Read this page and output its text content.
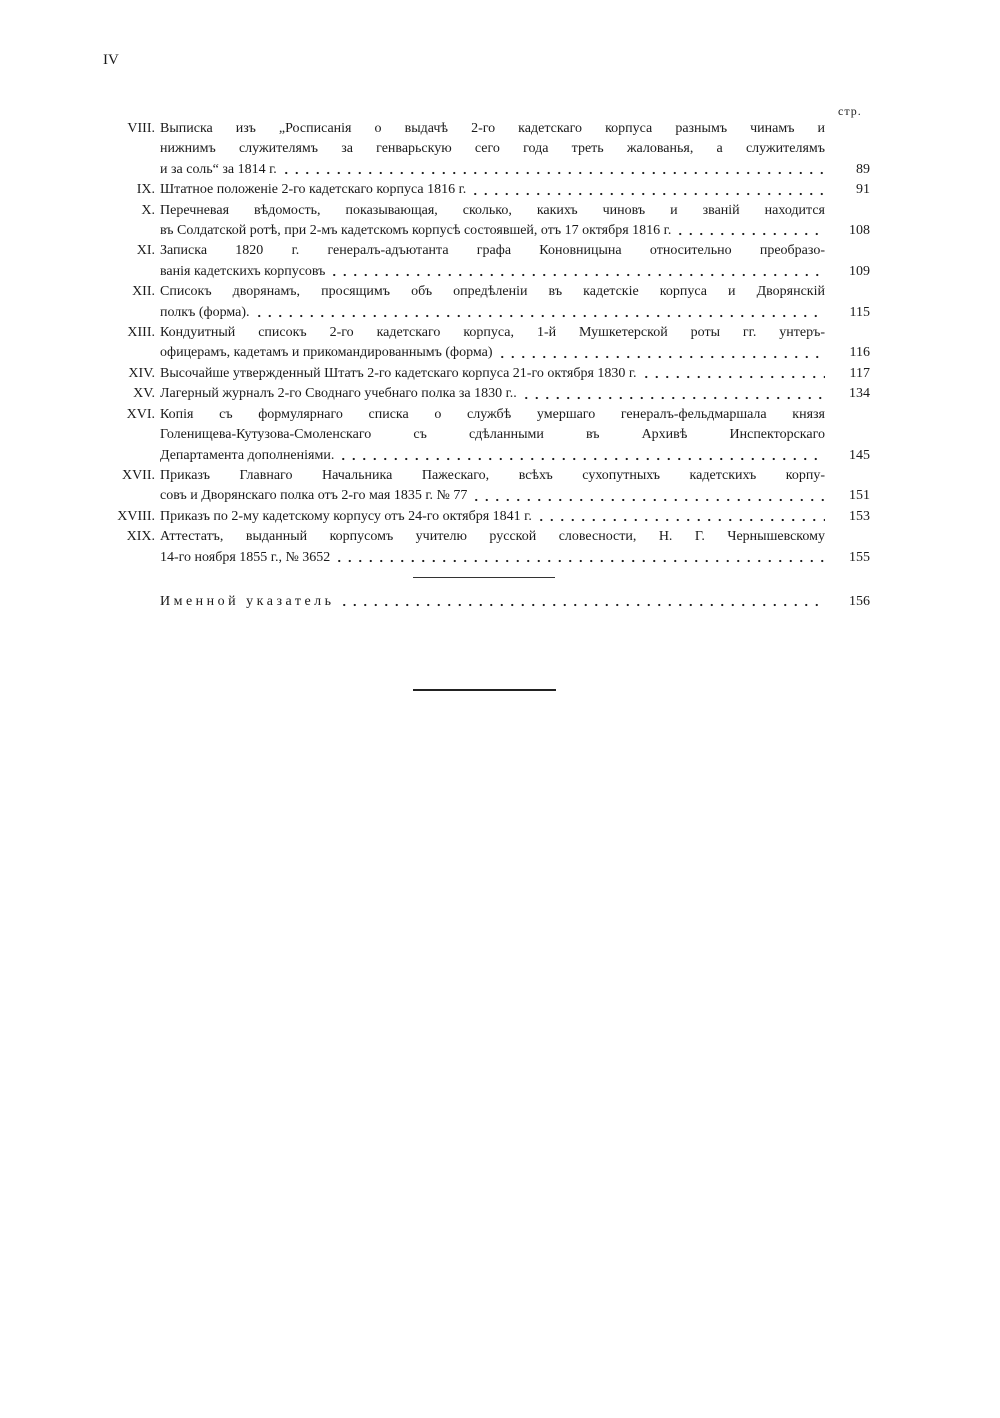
IV
стр.
VIII. Выписка изъ „Росписанія о выдачѣ 2-го кадетскаго корпуса разнымъ чинамъ и
нижнимъ служителямъ за генварьскую сего года треть жалованья, а служителямъ
и за соль“ за 1814 г.	89
IX. Штатное положеніе 2-го кадетскаго корпуса 1816 г.	91
X. Перечневая вѣдомость, показывающая, сколько, какихъ чиновъ и званій находится
въ Солдатской ротѣ, при 2-мъ кадетскомъ корпусѣ состоявшей, отъ 17 октября 1816 г.	108
XI. Записка 1820 г. генералъ-адъютанта графа Коновницына относительно преобразо-
ванія кадетскихъ корпусовъ	109
XII. Списокъ дворянамъ, просящимъ объ опредѣленіи въ кадетскіе корпуса и Дворянскій
полкъ (форма).	115
XIII. Кондуитный списокъ 2-го кадетскаго корпуса, 1-й Мушкетерской роты гг. унтеръ-
офицерамъ, кадетамъ и прикомандированнымъ (форма)	116
XIV. Высочайше утвержденный Штатъ 2-го кадетскаго корпуса 21-го октября 1830 г.	117
XV. Лагерный журналъ 2-го Своднаго учебнаго полка за 1830 г..	134
XVI. Копія съ формулярнаго списка о службѣ умершаго генералъ-фельдмаршала князя
Голенищева-Кутузова-Смоленскаго съ сдѣланными въ Архивѣ Инспекторскаго
Департамента дополненіями.	145
XVII. Приказъ Главнаго Начальника Пажескаго, всѣхъ сухопутныхъ кадетскихъ корпу-
совъ и Дворянскаго полка отъ 2-го мая 1835 г. № 77	151
XVIII. Приказъ по 2-му кадетскому корпусу отъ 24-го октября 1841 г.	153
XIX. Аттестатъ, выданный корпусомъ учителю русской словесности, Н. Г. Чернышевскому
14-го ноября 1855 г., № 3652	155
Именной указатель	156
